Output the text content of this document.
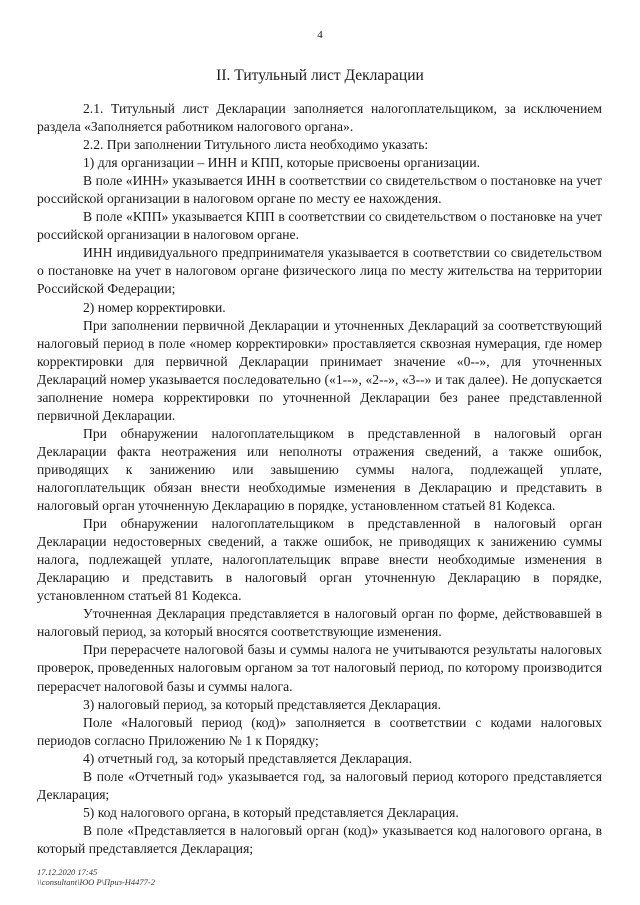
4
II. Титульный лист Декларации

2.1. Титульный лист Декларации заполняется налогоплательщиком, за исключением раздела «Заполняется работником налогового органа».

2.2. При заполнении Титульного листа необходимо указать:

1) для организации – ИНН и КПП, которые присвоены организации.

В поле «ИНН» указывается ИНН в соответствии со свидетельством о постановке на учет российской организации в налоговом органе по месту ее нахождения.

В поле «КПП» указывается КПП в соответствии со свидетельством о постановке на учет российской организации в налоговом органе.

ИНН индивидуального предпринимателя указывается в соответствии со свидетельством о постановке на учет в налоговом органе физического лица по месту жительства на территории Российской Федерации;

2) номер корректировки.

При заполнении первичной Декларации и уточненных Деклараций за соответствующий налоговый период в поле «номер корректировки» проставляется сквозная нумерация, где номер корректировки для первичной Декларации принимает значение «0--», для уточненных Деклараций номер указывается последовательно («1--», «2--», «3--» и так далее). Не допускается заполнение номера корректировки по уточненной Декларации без ранее представленной первичной Декларации.

При обнаружении налогоплательщиком в представленной в налоговый орган Декларации факта неотражения или неполноты отражения сведений, а также ошибок, приводящих к занижению или завышению суммы налога, подлежащей уплате, налогоплательщик обязан внести необходимые изменения в Декларацию и представить в налоговый орган уточненную Декларацию в порядке, установленном статьей 81 Кодекса.

При обнаружении налогоплательщиком в представленной в налоговый орган Декларации недостоверных сведений, а также ошибок, не приводящих к занижению суммы налога, подлежащей уплате, налогоплательщик вправе внести необходимые изменения в Декларацию и представить в налоговый орган уточненную Декларацию в порядке, установленном статьей 81 Кодекса.

Уточненная Декларация представляется в налоговый орган по форме, действовавшей в налоговый период, за который вносятся соответствующие изменения.

При перерасчете налоговой базы и суммы налога не учитываются результаты налоговых проверок, проведенных налоговым органом за тот налоговый период, по которому производится перерасчет налоговой базы и суммы налога.

3) налоговый период, за который представляется Декларация.

Поле «Налоговый период (код)» заполняется в соответствии с кодами налоговых периодов согласно Приложению № 1 к Порядку;

4) отчетный год, за который представляется Декларация.

В поле «Отчетный год» указывается год, за налоговый период которого представляется Декларация;

5) код налогового органа, в который представляется Декларация.

В поле «Представляется в налоговый орган (код)» указывается код налогового органа, в который представляется Декларация;

17.12.2020 17:45
\\consultant\ЮО Р\Приз-Н4477-2
